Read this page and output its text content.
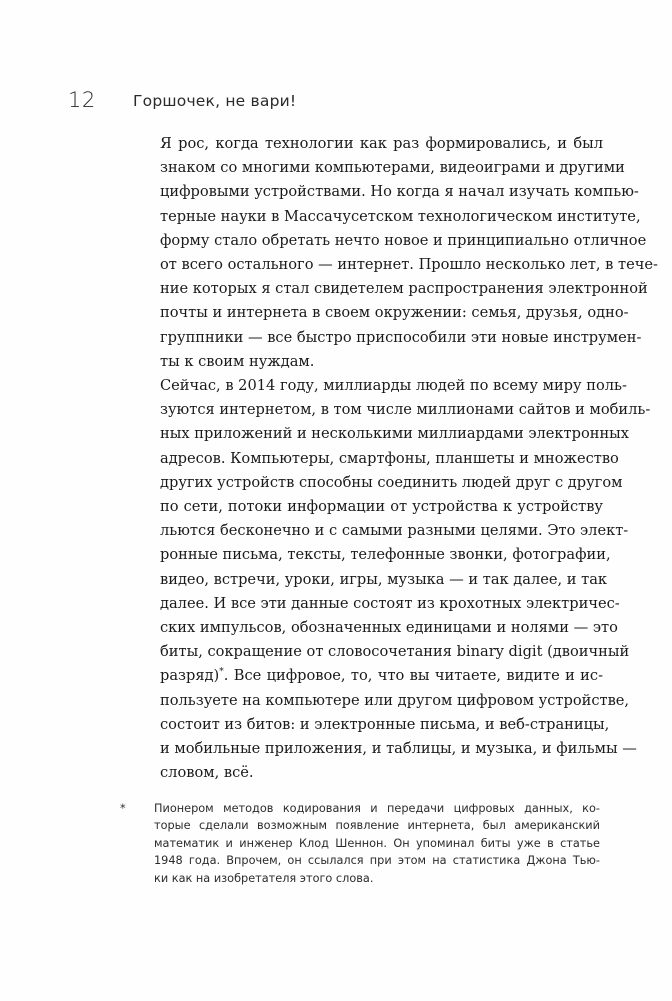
12 Горшочек, не вари!

Я рос, когда технологии как раз формировались, и был
знаком со многими компьютерами, видеоиграми и другими
цифровыми устройствами. Но когда я начал изучать компью-
терные науки в Массачусетском технологическом институте,
форму стало обретать нечто новое и принципиально отличное
от всего остального — интернет. Прошло несколько лет, в тече-
ние которых я стал свидетелем распространения электронной
почты и интернета в своем окружении: семья, друзья, одно-
группники — все быстро приспособили эти новые инструмен-
ты к своим нуждам.

Сейчас, в 2014 году, миллиарды людей по всему миру поль-
зуются интернетом, в том числе миллионами сайтов и мобиль-
ных приложений и несколькими миллиардами электронных
адресов. Компьютеры, смартфоны, планшеты и множество
других устройств способны соединить людей друг с другом
по сети, потоки информации от устройства к устройству
льются бесконечно и с самыми разными целями. Это элект-
ронные письма, тексты, телефонные звонки, фотографии,
видео, встречи, уроки, игры, музыка — и так далее, и так
далее. И все эти данные состоят из крохотных электричес-
ских импульсов, обозначенных единицами и нолями — это
биты, сокращение от словосочетания binary digit (двоичный
разряд)*. Все цифровое, то, что вы читаете, видите и ис-
пользуете на компьютере или другом цифровом устройстве,
состоит из битов: и электронные письма, и веб-страницы,
и мобильные приложения, и таблицы, и музыка, и фильмы —
словом, всё.

*	Пионером методов кодирования и передачи цифровых данных, ко-
торые сделали возможным появление интернета, был американский
математик и инженер Клод Шеннон. Он упоминал биты уже в статье
1948 года. Впрочем, он ссылался при этом на статистика Джона Тью-
ки как на изобретателя этого слова.
